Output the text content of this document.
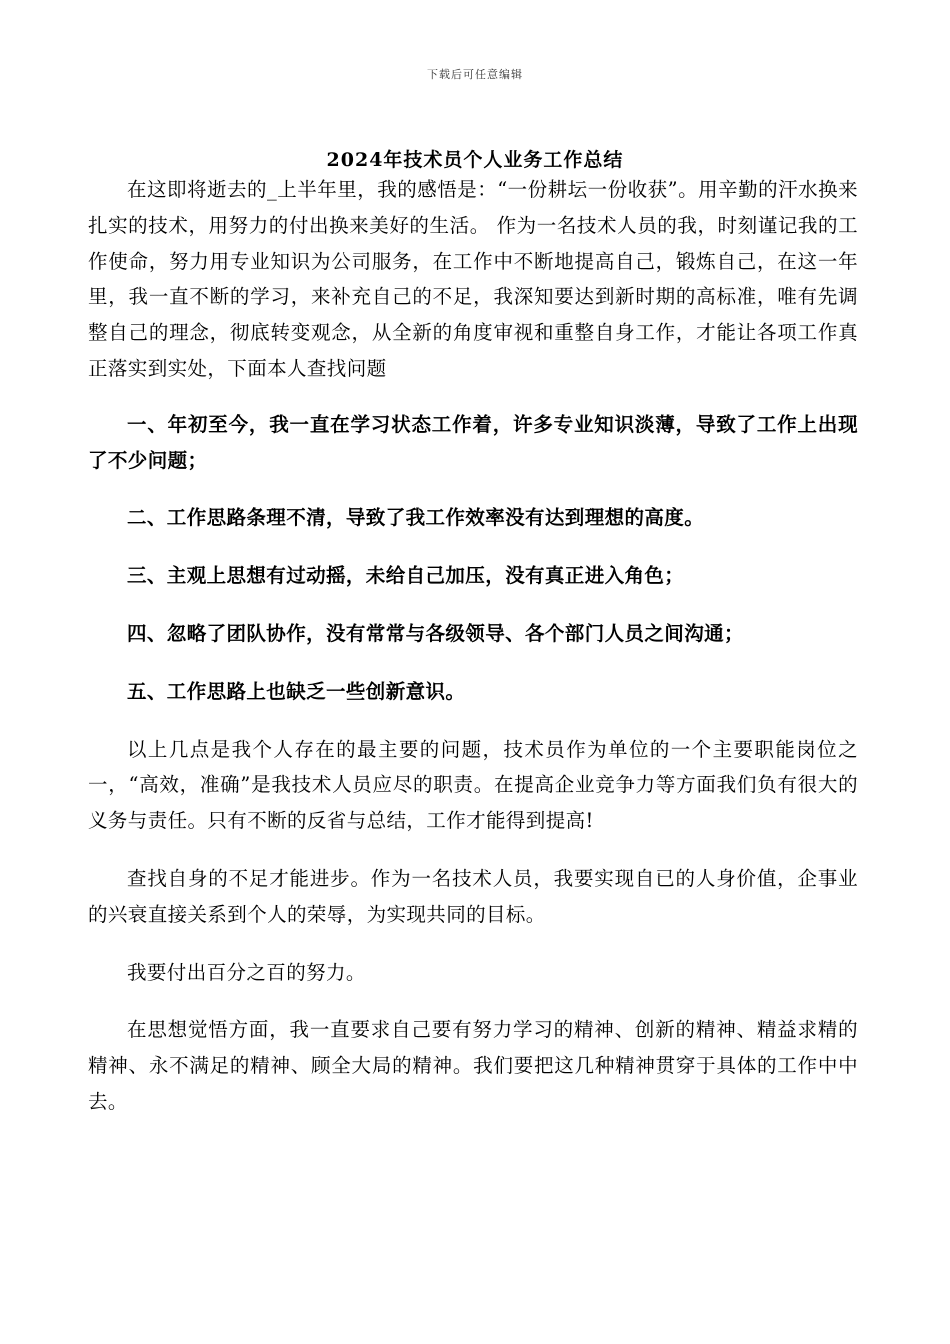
下载后可任意编辑
2024年技术员个人业务工作总结

在这即将逝去的_上半年里，我的感悟是：“一份耕坛一份收获”。用辛勤的汗水换来扎实的技术，用努力的付出换来美好的生活。 作为一名技术人员的我，时刻谨记我的工作使命，努力用专业知识为公司服务，在工作中不断地提高自己，锻炼自己，在这一年里，我一直不断的学习，来补充自己的不足，我深知要达到新时期的高标准，唯有先调整自己的理念，彻底转变观念，从全新的角度审视和重整自身工作，才能让各项工作真正落实到实处，下面本人查找问题

一、年初至今，我一直在学习状态工作着，许多专业知识淡薄，导致了工作上出现了不少问题；

二、工作思路条理不清，导致了我工作效率没有达到理想的高度。

三、主观上思想有过动摇，未给自己加压，没有真正进入角色；

四、忽略了团队协作，没有常常与各级领导、各个部门人员之间沟通；

五、工作思路上也缺乏一些创新意识。

以上几点是我个人存在的最主要的问题，技术员作为单位的一个主要职能岗位之一，“高效，准确”是我技术人员应尽的职责。在提高企业竞争力等方面我们负有很大的义务与责任。只有不断的反省与总结，工作才能得到提高!

查找自身的不足才能进步。作为一名技术人员，我要实现自已的人身价值，企事业的兴衰直接关系到个人的荣辱，为实现共同的目标。

我要付出百分之百的努力。

在思想觉悟方面，我一直要求自己要有努力学习的精神、创新的精神、精益求精的精神、永不满足的精神、顾全大局的精神。我们要把这几种精神贯穿于具体的工作中中去。
